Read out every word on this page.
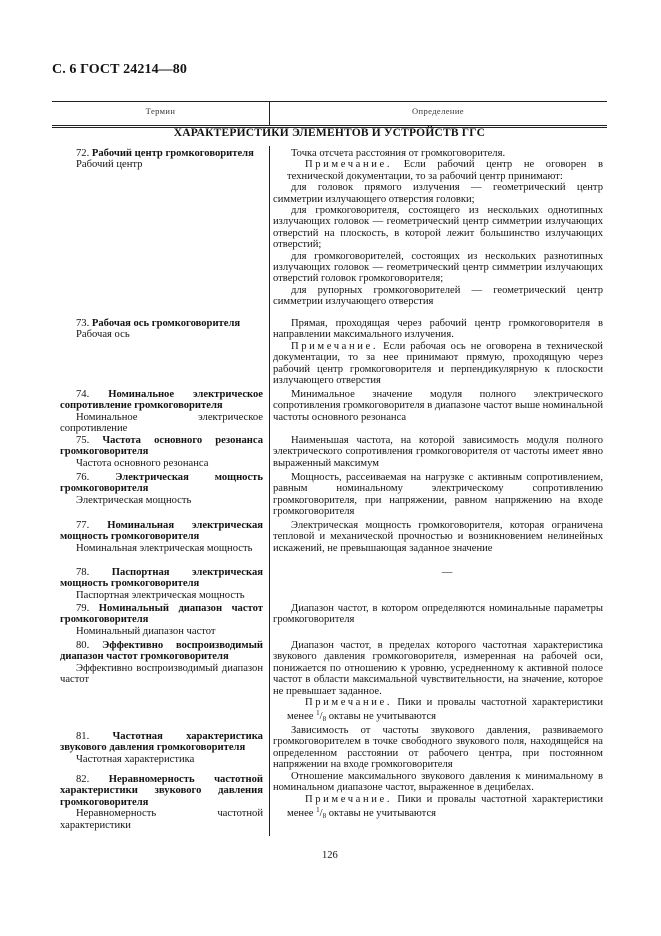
С. 6 ГОСТ 24214—80
Термин	Определение
ХАРАКТЕРИСТИКИ ЭЛЕМЕНТОВ И УСТРОЙСТВ ГГС
72. Рабочий центр громкоговорителя
Рабочий центр

Точка отсчета расстояния от громкоговорителя.

Примечание. Если рабочий центр не оговорен в технической документации, то за рабочий центр принимают:

для головок прямого излучения — геометрический центр симметрии излучающего отверстия головки;

для громкоговорителя, состоящего из нескольких однотипных излучающих головок — геометрический центр симметрии излучающих отверстий на плоскость, в которой лежит большинство излучающих отверстий;

для громкоговорителей, состоящих из нескольких разнотипных излучающих головок — геометрический центр симметрии излучающих отверстий головок громкоговорителя;

для рупорных громкоговорителей — геометрический центр симметрии излучающего отверстия

73. Рабочая ось громкоговорителя
Рабочая ось

Прямая, проходящая через рабочий центр громкоговорителя в направлении максимального излучения.

Примечание. Если рабочая ось не оговорена в технической документации, то за нее принимают прямую, проходящую через рабочий центр громкоговорителя и перпендикулярную к плоскости излучающего отверстия

74. Номинальное электрическое сопротивление громкоговорителя
Номинальное электрическое сопротивление

Минимальное значение модуля полного электрического сопротивления громкоговорителя в диапазоне частот выше номинальной частоты основного резонанса

75. Частота основного резонанса громкоговорителя
Частота основного резонанса

Наименьшая частота, на которой зависимость модуля полного электрического сопротивления громкоговорителя от частоты имеет явно выраженный максимум

76. Электрическая мощность громкоговорителя
Электрическая мощность

Мощность, рассеиваемая на нагрузке с активным сопротивлением, равным номинальному электрическому сопротивлению громкоговорителя, при напряжении, равном напряжению на входе громкоговорителя

77. Номинальная электрическая мощность громкоговорителя
Номинальная электрическая мощность

Электрическая мощность громкоговорителя, которая ограничена тепловой и механической прочностью и возникновением нелинейных искажений, не превышающая заданное значение

78. Паспортная электрическая мощность громкоговорителя
Паспортная электрическая мощность

—

79. Номинальный диапазон частот громкоговорителя
Номинальный диапазон частот

Диапазон частот, в котором определяются номинальные параметры громкоговорителя

80. Эффективно воспроизводимый диапазон частот громкоговорителя
Эффективно воспроизводимый диапазон частот

Диапазон частот, в пределах которого частотная характеристика звукового давления громкоговорителя, измеренная на рабочей оси, понижается по отношению к уровню, усредненному к активной полосе частот в области максимальной чувствительности, на значение, которое не превышает заданное.

Примечание. Пики и провалы частотной характеристики менее $^1/_8$ октавы не учитываются

81. Частотная характеристика звукового давления громкоговорителя
Частотная характеристика

Зависимость от частоты звукового давления, развиваемого громкоговорителем в точке свободного звукового поля, находящейся на определенном расстоянии от рабочего центра, при постоянном напряжении на входе громкоговорителя

82. Неравномерность частотной характеристики звукового давления громкоговорителя
Неравномерность частотной характеристики

Отношение максимального звукового давления к минимальному в номинальном диапазоне частот, выраженное в децибелах.

Примечание. Пики и провалы частотной характеристики менее $^1/_8$ октавы не учитываются

126
